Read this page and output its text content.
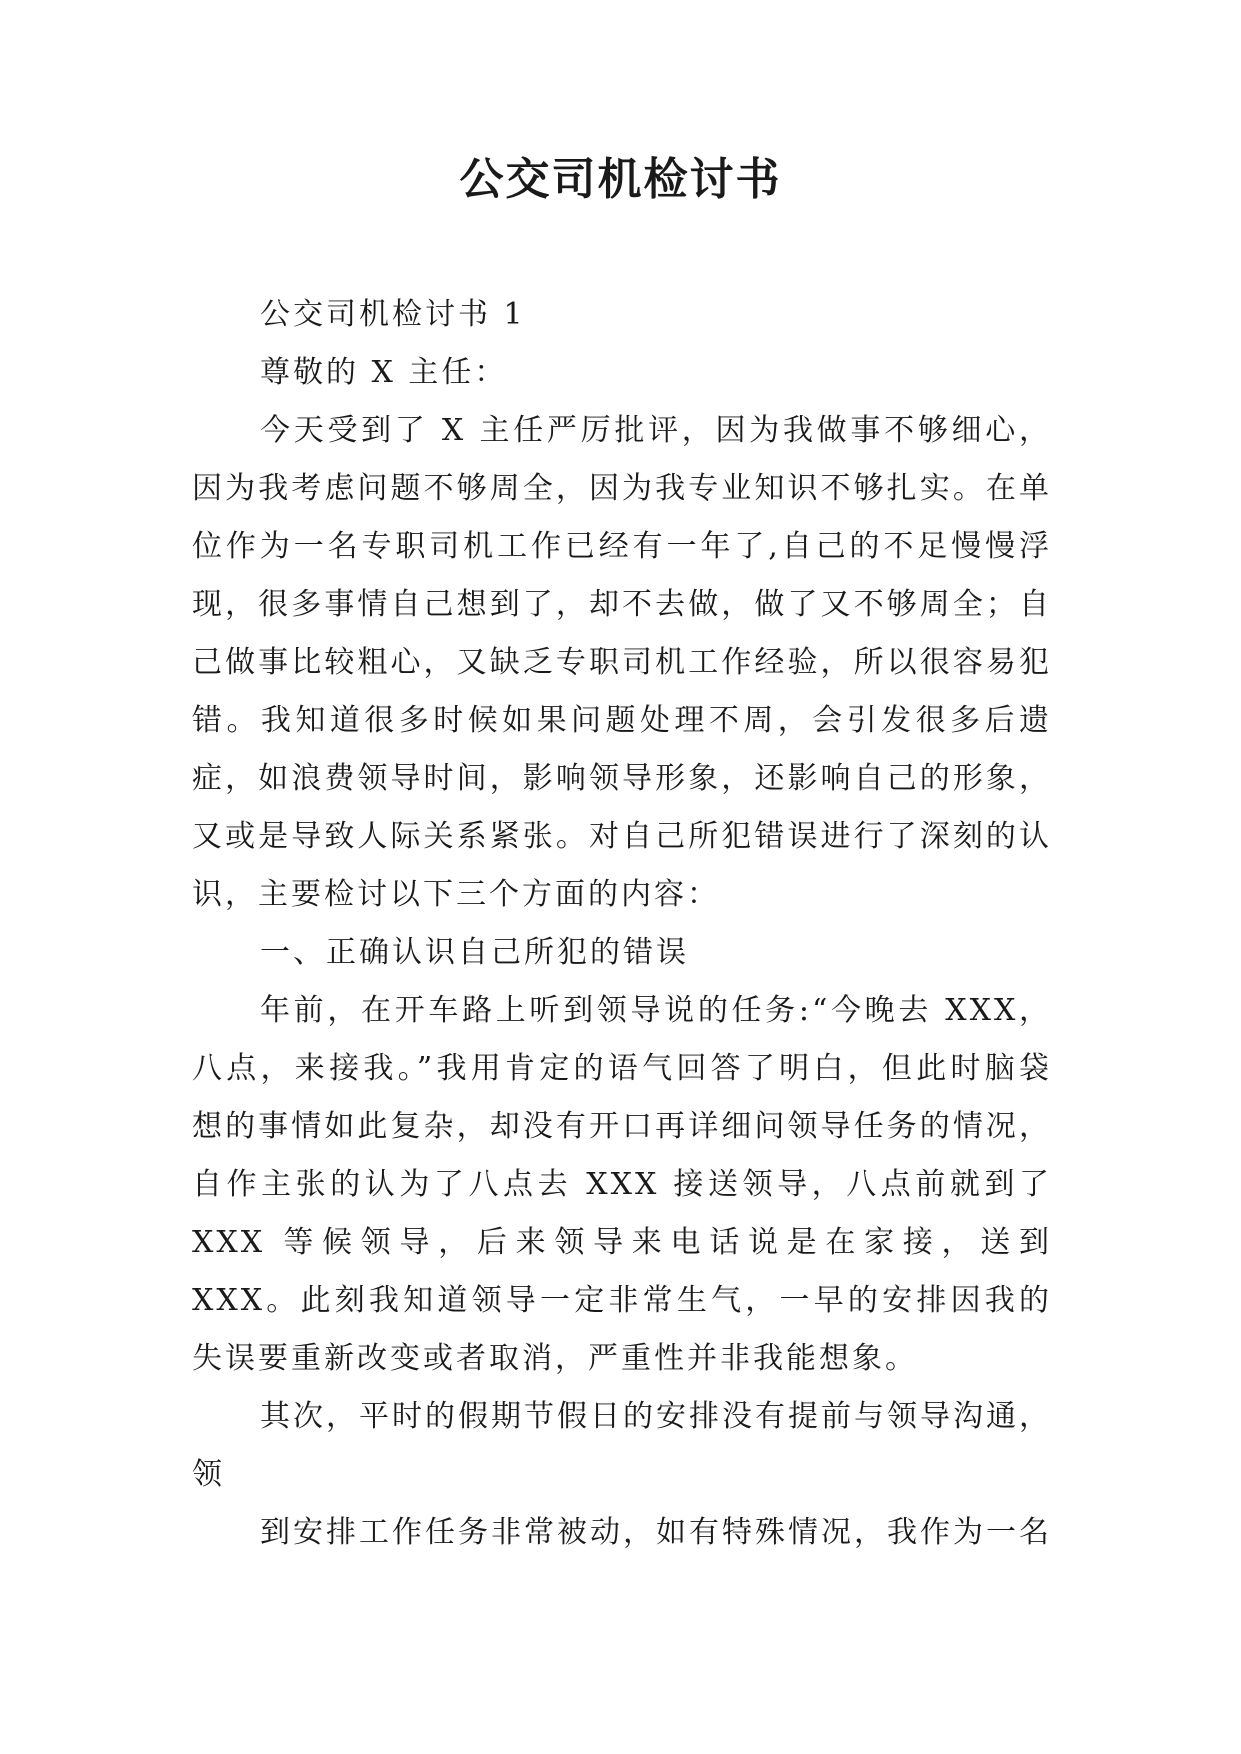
公交司机检讨书

公交司机检讨书 1

尊敬的 X 主任：

今天受到了 X 主任严厉批评，因为我做事不够细心，因为我考虑问题不够周全，因为我专业知识不够扎实。在单位作为一名专职司机工作已经有一年了,自己的不足慢慢浮现，很多事情自己想到了，却不去做，做了又不够周全；自己做事比较粗心，又缺乏专职司机工作经验，所以很容易犯错。我知道很多时候如果问题处理不周，会引发很多后遗症，如浪费领导时间，影响领导形象，还影响自己的形象，又或是导致人际关系紧张。对自己所犯错误进行了深刻的认识，主要检讨以下三个方面的内容：

一、正确认识自己所犯的错误

年前，在开车路上听到领导说的任务:“今晚去 XXX，八点，来接我。”我用肯定的语气回答了明白，但此时脑袋想的事情如此复杂，却没有开口再详细问领导任务的情况，自作主张的认为了八点去 XXX 接送领导，八点前就到了 XXX 等候领导，后来领导来电话说是在家接，送到 XXX。此刻我知道领导一定非常生气，一早的安排因我的失误要重新改变或者取消，严重性并非我能想象。

其次，平时的假期节假日的安排没有提前与领导沟通，领

到安排工作任务非常被动，如有特殊情况，我作为一名
